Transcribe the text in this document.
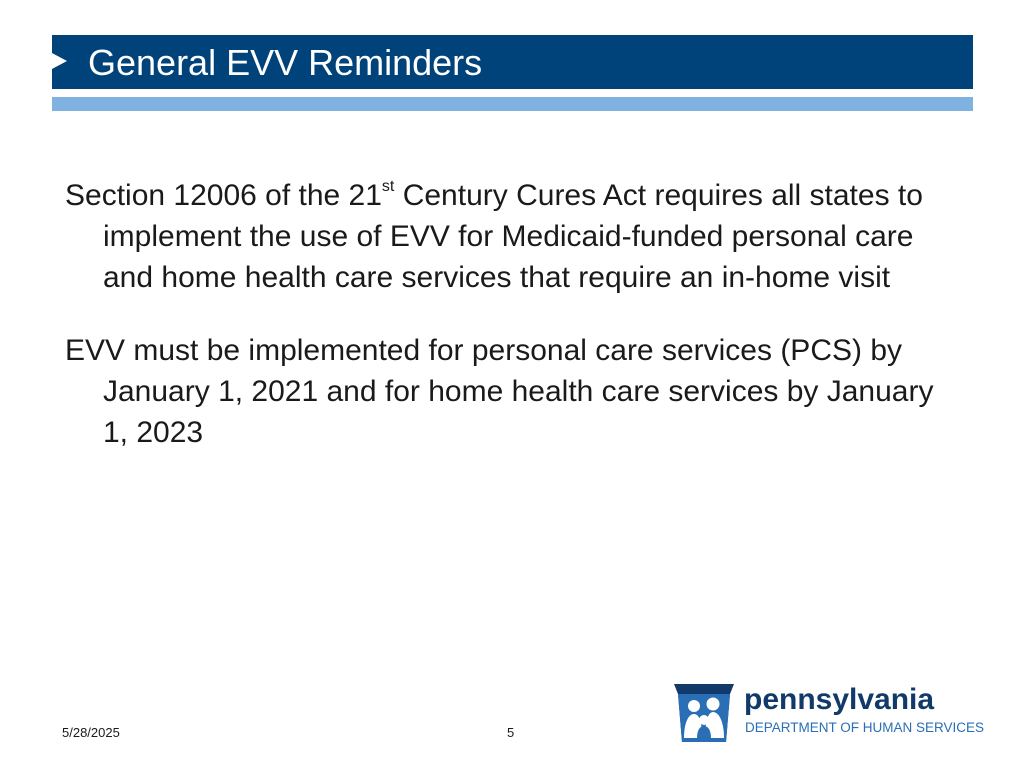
General EVV Reminders

Section 12006 of the 21st Century Cures Act requires all states to implement the use of EVV for Medicaid-funded personal care and home health care services that require an in-home visit

EVV must be implemented for personal care services (PCS) by January 1, 2021 and for home health care services by January 1, 2023

5/28/2025	5
pennsylvania
DEPARTMENT OF HUMAN SERVICES
